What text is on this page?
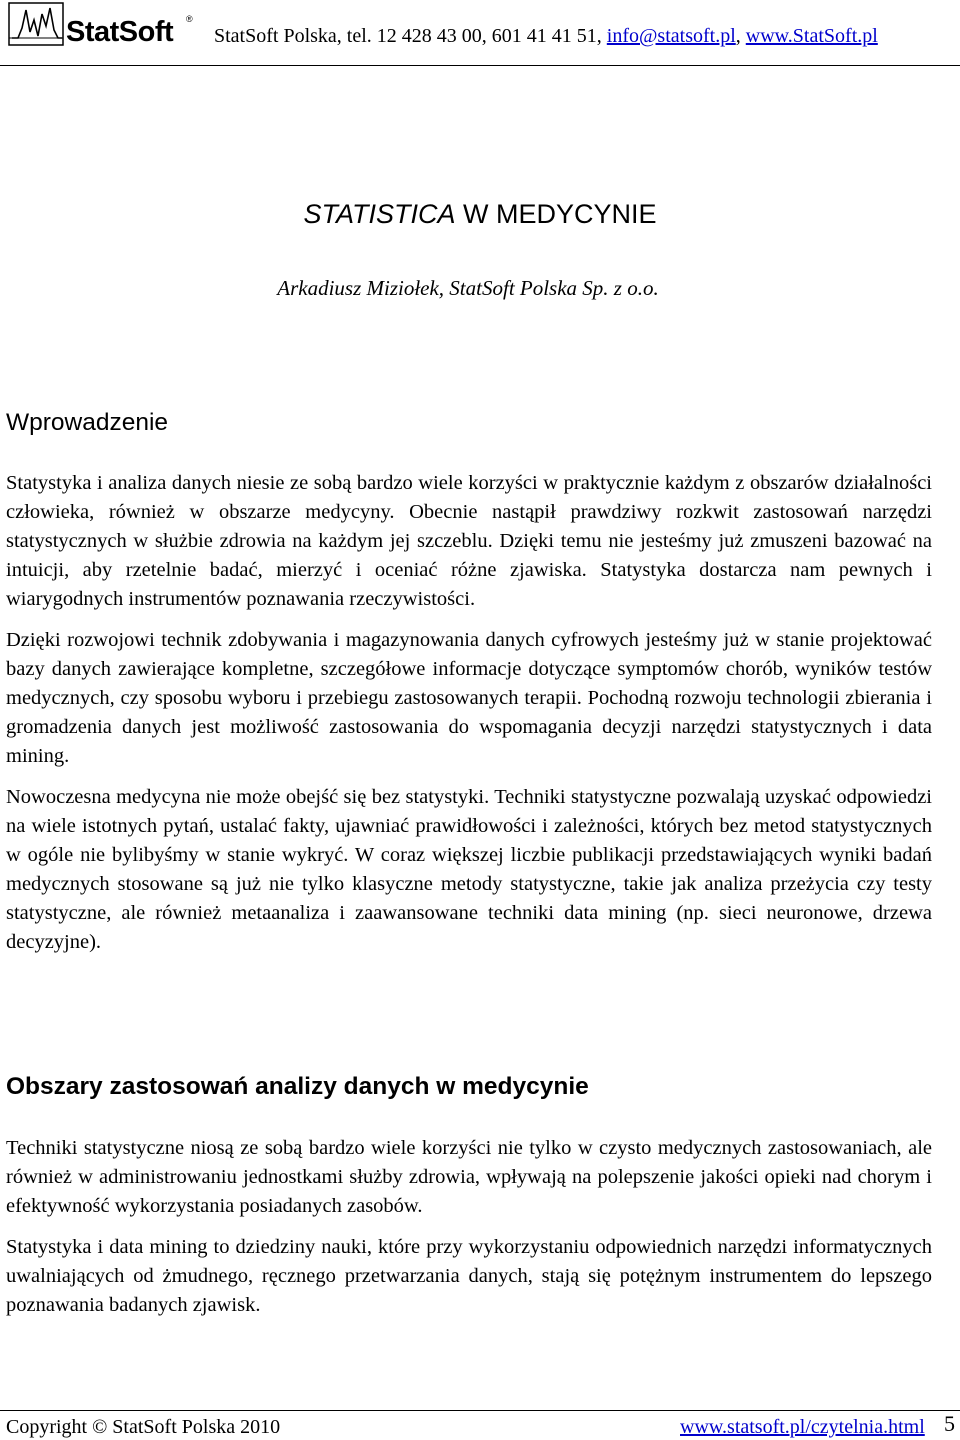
StatSoft ®
StatSoft Polska, tel. 12 428 43 00, 601 41 41 51, info@statsoft.pl, www.StatSoft.pl
STATISTICA W MEDYCYNIE
Arkadiusz Miziołek, StatSoft Polska Sp. z o.o.
Wprowadzenie

Statystyka i analiza danych niesie ze sobą bardzo wiele korzyści w praktycznie każdym z obszarów działalności człowieka, również w obszarze medycyny. Obecnie nastąpił prawdziwy rozkwit zastosowań narzędzi statystycznych w służbie zdrowia na każdym jej szczeblu. Dzięki temu nie jesteśmy już zmuszeni bazować na intuicji, aby rzetelnie badać, mierzyć i oceniać różne zjawiska. Statystyka dostarcza nam pewnych i wiarygodnych instrumentów poznawania rzeczywistości.

Dzięki rozwojowi technik zdobywania i magazynowania danych cyfrowych jesteśmy już w stanie projektować bazy danych zawierające kompletne, szczegółowe informacje dotyczące symptomów chorób, wyników testów medycznych, czy sposobu wyboru i przebiegu zastosowanych terapii. Pochodną rozwoju technologii zbierania i gromadzenia danych jest możliwość zastosowania do wspomagania decyzji narzędzi statystycznych i data mining.

Nowoczesna medycyna nie może obejść się bez statystyki. Techniki statystyczne pozwalają uzyskać odpowiedzi na wiele istotnych pytań, ustalać fakty, ujawniać prawidłowości i zależności, których bez metod statystycznych w ogóle nie bylibyśmy w stanie wykryć. W coraz większej liczbie publikacji przedstawiających wyniki badań medycznych stosowane są już nie tylko klasyczne metody statystyczne, takie jak analiza przeżycia czy testy statystyczne, ale również metaanaliza i zaawansowane techniki data mining (np. sieci neuronowe, drzewa decyzyjne).

Obszary zastosowań analizy danych w medycynie

Techniki statystyczne niosą ze sobą bardzo wiele korzyści nie tylko w czysto medycznych zastosowaniach, ale również w administrowaniu jednostkami służby zdrowia, wpływają na polepszenie jakości opieki nad chorym i efektywność wykorzystania posiadanych zasobów.

Statystyka i data mining to dziedziny nauki, które przy wykorzystaniu odpowiednich narzędzi informatycznych uwalniających od żmudnego, ręcznego przetwarzania danych, stają się potężnym instrumentem do lepszego poznawania badanych zjawisk.

Copyright © StatSoft Polska 2010	www.statsoft.pl/czytelnia.html 5
